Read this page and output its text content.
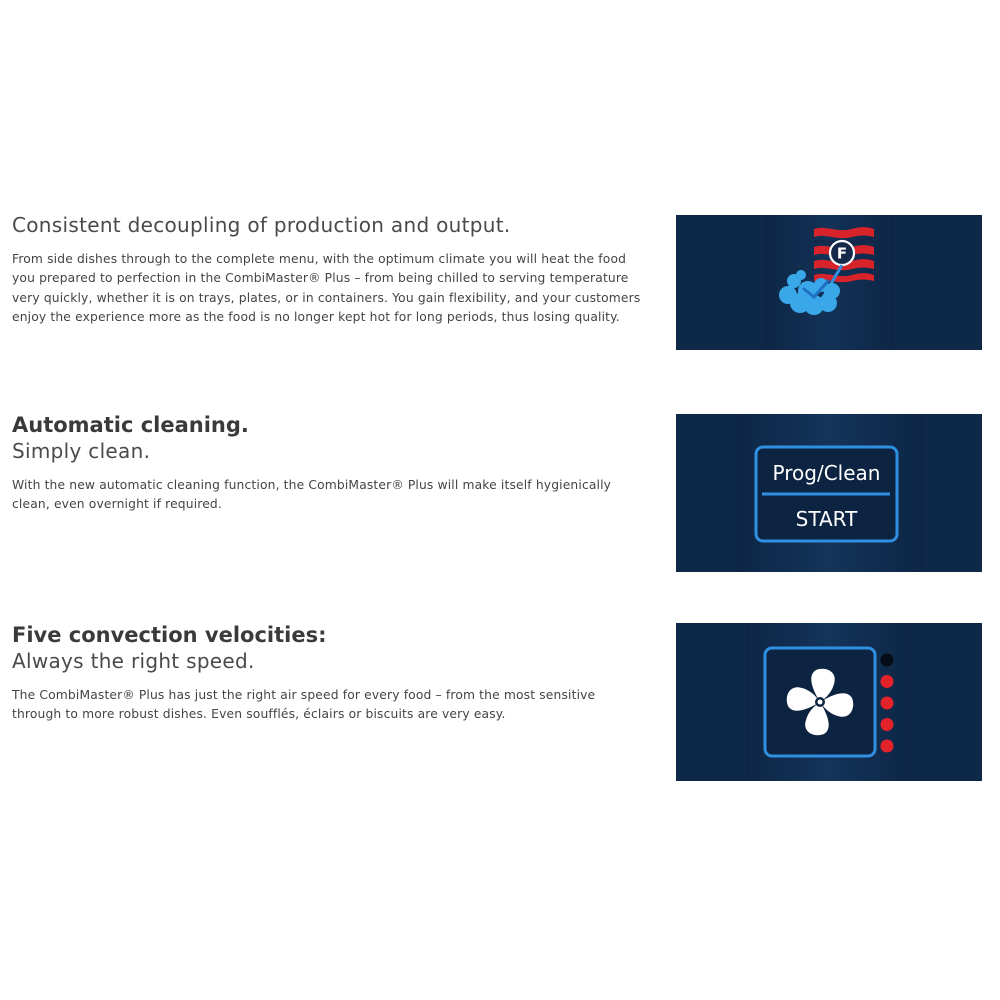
Consistent decoupling of production and output.

From side dishes through to the complete menu, with the optimum climate you will heat the food you prepared to perfection in the CombiMaster® Plus – from being chilled to serving temperature very quickly, whether it is on trays, plates, or in containers. You gain flexibility, and your customers enjoy the experience more as the food is no longer kept hot for long periods, thus losing quality.

F
Automatic cleaning.
Simply clean.

With the new automatic cleaning function, the CombiMaster® Plus will make itself hygienically clean, even overnight if required.

Prog/Clean
START
Five convection velocities:
Always the right speed.

The CombiMaster® Plus has just the right air speed for every food – from the most sensitive through to more robust dishes. Even soufflés, éclairs or biscuits are very easy.
